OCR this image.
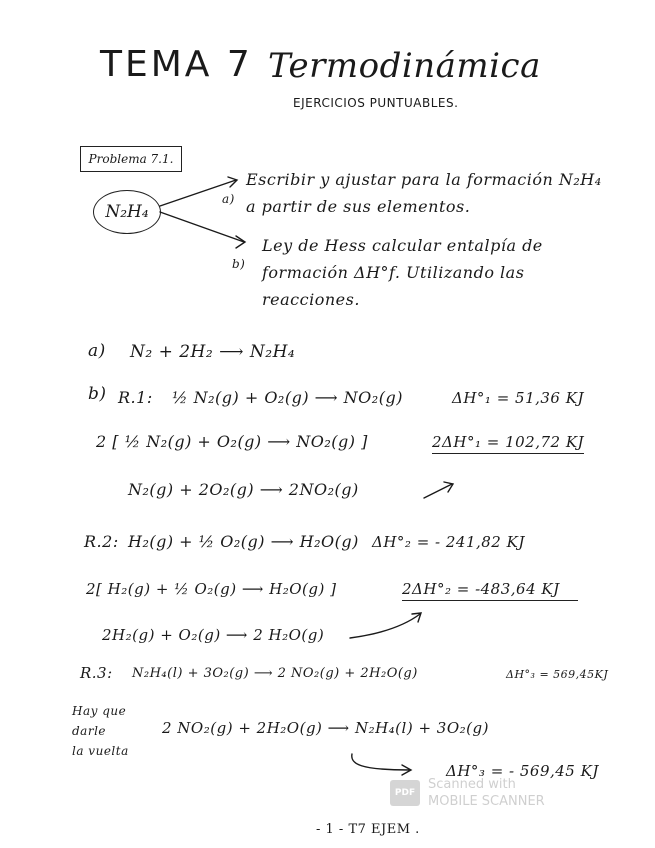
TEMA 7 Termodinámica
EJERCICIOS PUNTUABLES.
Problema 7.1.
N₂H₄
Escribir y ajustar para la formación N₂H₄
a) a partir de sus elementos.
Ley de Hess calcular entalpía de
b) formación ΔH°f. Utilizando las
reacciones.
a) N₂ + 2H₂ ⟶ N₂H₄
b) R.1: ½ N₂(g) + O₂(g) ⟶ NO₂(g)	ΔH°₁ = 51,36 KJ
2 [ ½ N₂(g) + O₂(g) ⟶ NO₂(g) ]	2ΔH°₁ = 102,72 KJ
N₂(g) + 2O₂(g) ⟶ 2NO₂(g)
R.2: H₂(g) + ½ O₂(g) ⟶ H₂O(g) ΔH°₂ = - 241,82 KJ
2[ H₂(g) + ½ O₂(g) ⟶ H₂O(g) ]	2ΔH°₂ = -483,64 KJ
2H₂(g) + O₂(g) ⟶ 2 H₂O(g)
R.3: N₂H₄(l) + 3O₂(g) ⟶ 2 NO₂(g) + 2H₂O(g)	ΔH°₃ = 569,45KJ
Hay que
darle
la vuelta
2 NO₂(g) + 2H₂O(g) ⟶ N₂H₄(l) + 3O₂(g)
ΔH°₃ = - 569,45 KJ
- 1 - T7 EJEM .
PDF
Scanned with
MOBILE SCANNER
